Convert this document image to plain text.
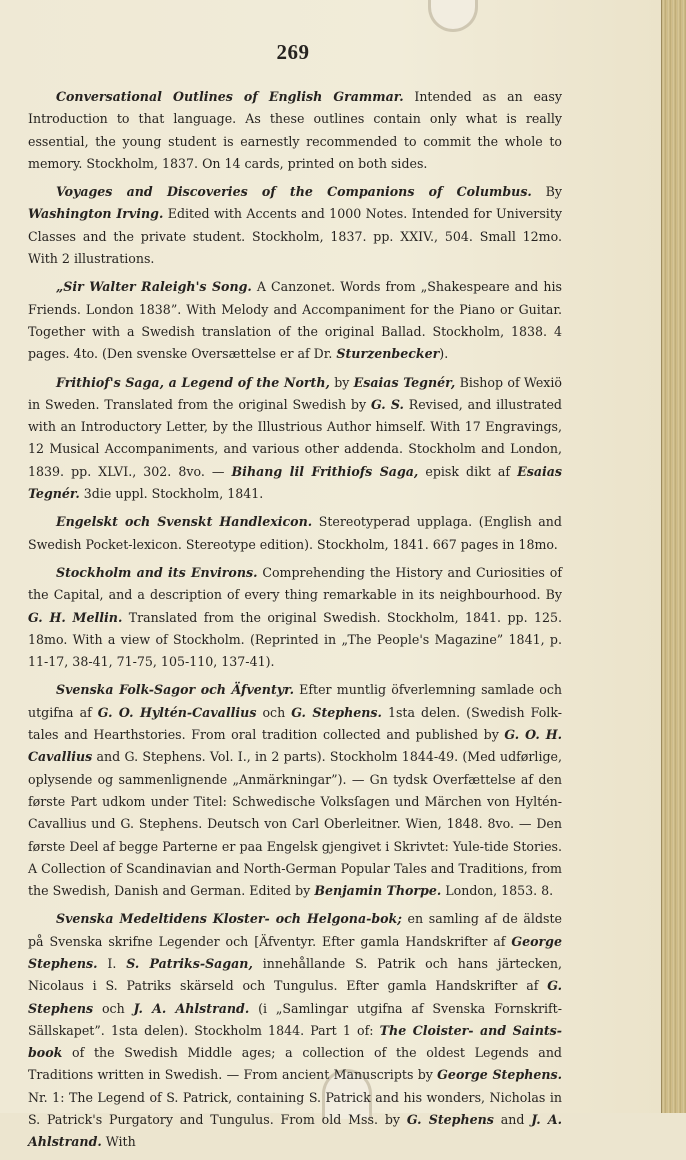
269

Conversational Outlines of English Grammar. Intended as an easy Introduction to that language. As these outlines contain only what is really essential, the young student is earnestly recommended to commit the whole to memory. Stockholm, 1837. On 14 cards, printed on both sides.

Voyages and Discoveries of the Companions of Columbus. By Washington Irving. Edited with Accents and 1000 Notes. Intended for University Classes and the private student. Stockholm, 1837. pp. XXIV., 504. Small 12mo. With 2 illustrations.

„Sir Walter Raleigh's Song. A Canzonet. Words from „Shakespeare and his Friends. London 1838”. With Melody and Accompaniment for the Piano or Guitar. Together with a Swedish translation of the original Ballad. Stockholm, 1838. 4 pages. 4to. (Den svenske Oversættelse er af Dr. Sturzenbecker).

Frithiof's Saga, a Legend of the North, by Esaias Tegnér, Bishop of Wexiö in Sweden. Translated from the original Swedish by G. S. Revised, and illustrated with an Introductory Letter, by the Illustrious Author himself. With 17 Engravings, 12 Musical Accompaniments, and various other addenda. Stockholm and London, 1839. pp. XLVI., 302. 8vo. — Bihang lil Frithiofs Saga, episk dikt af Esaias Tegnér. 3die uppl. Stockholm, 1841.

Engelskt och Svenskt Handlexicon. Stereotyperad upplaga. (English and Swedish Pocket-lexicon. Stereotype edition). Stockholm, 1841. 667 pages in 18mo.

Stockholm and its Environs. Comprehending the History and Curiosities of the Capital, and a description of every thing remarkable in its neighbourhood. By G. H. Mellin. Translated from the original Swedish. Stockholm, 1841. pp. 125. 18mo. With a view of Stockholm. (Reprinted in „The People's Magazine” 1841, p. 11-17, 38-41, 71-75, 105-110, 137-41).

Svenska Folk-Sagor och Äfventyr. Efter muntlig öfverlemning samlade och utgifna af G. O. Hyltén-Cavallius och G. Stephens. 1sta delen. (Swedish Folk-tales and Hearthstories. From oral tradition collected and published by G. O. H. Cavallius and G. Stephens. Vol. I., in 2 parts). Stockholm 1844-49. (Med udførlige, oplysende og sammenlignende „Anmärkningar”). — Gn tydsk Overfættelse af den første Part udkom under Titel: Schwedische Volksſagen und Märchen von Hyltén-Cavallius und G. Stephens. Deutsch von Carl Oberleitner. Wien, 1848. 8vo. — Den første Deel af begge Parterne er paa Engelsk gjengivet i Skrivtet: Yule-tide Stories. A Collection of Scandinavian and North-German Popular Tales and Traditions, from the Swedish, Danish and German. Edited by Benjamin Thorpe. London, 1853. 8.

Svenska Medeltidens Kloster- och Helgona-bok; en samling af de äldste på Svenska skrifne Legender och [Äfventyr. Efter gamla Handskrifter af George Stephens. I. S. Patriks-Sagan, innehållande S. Patrik och hans järtecken, Nicolaus i S. Patriks skärseld och Tungulus. Efter gamla Handskrifter af G. Stephens och J. A. Ahlstrand. (i „Samlingar utgifna af Svenska Fornskrift-Sällskapet”. 1sta delen). Stockholm 1844. Part 1 of: The Cloister- and Saints-book of the Swedish Middle ages; a collection of the oldest Legends and Traditions written in Swedish. — From ancient Manuscripts by George Stephens. Nr. 1: The Legend of S. Patrick, containing S. Patrick and his wonders, Nicholas in S. Patrick's Purgatory and Tungulus. From old Mss. by G. Stephens and J. A. Ahlstrand. With
